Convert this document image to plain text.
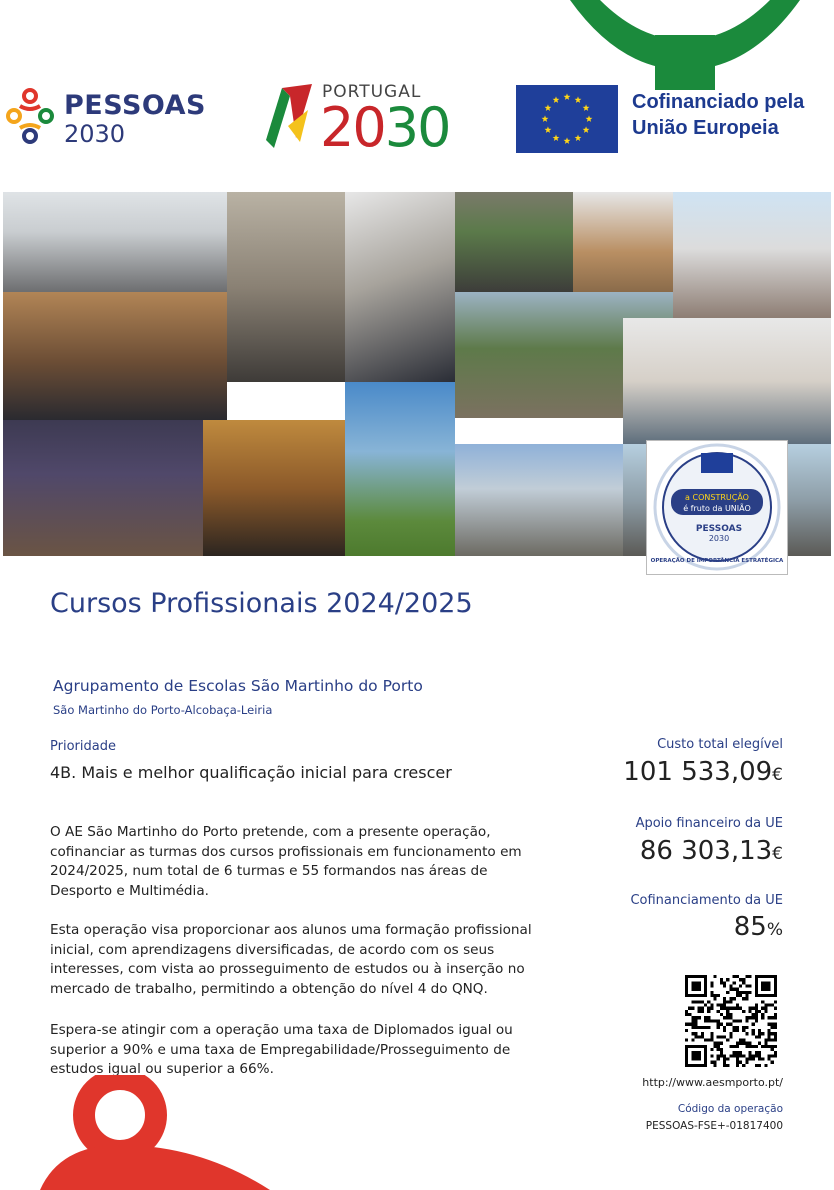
PESSOAS
2030
PORTUGAL
2030	Cofinanciado pela
União Europeia
a CONSTRUÇÃO
é fruto da UNIÃO
PESSOAS
2030
OPERAÇÃO DE IMPORTÂNCIA ESTRATÉGICA
Cursos Profissionais 2024/2025
Agrupamento de Escolas São Martinho do Porto
São Martinho do Porto-Alcobaça-Leiria
Prioridade
4B. Mais e melhor qualificação inicial para crescer
O AE São Martinho do Porto pretende, com a presente operação, cofinanciar as turmas dos cursos profissionais em funcionamento em 2024/2025, num total de 6 turmas e 55 formandos nas áreas de Desporto e Multimédia.
Esta operação visa proporcionar aos alunos uma formação profissional inicial, com aprendizagens diversificadas, de acordo com os seus interesses, com vista ao prosseguimento de estudos ou à inserção no mercado de trabalho, permitindo a obtenção do nível 4 do QNQ.
Espera-se atingir com a operação uma taxa de Diplomados igual ou superior a 90% e uma taxa de Empregabilidade/Prosseguimento de estudos igual ou superior a 66%.
Custo total elegível
101 533,09€
Apoio financeiro da UE
86 303,13€
Cofinanciamento da UE
85%
http://www.aesmporto.pt/
Código da operação
PESSOAS-FSE+-01817400
